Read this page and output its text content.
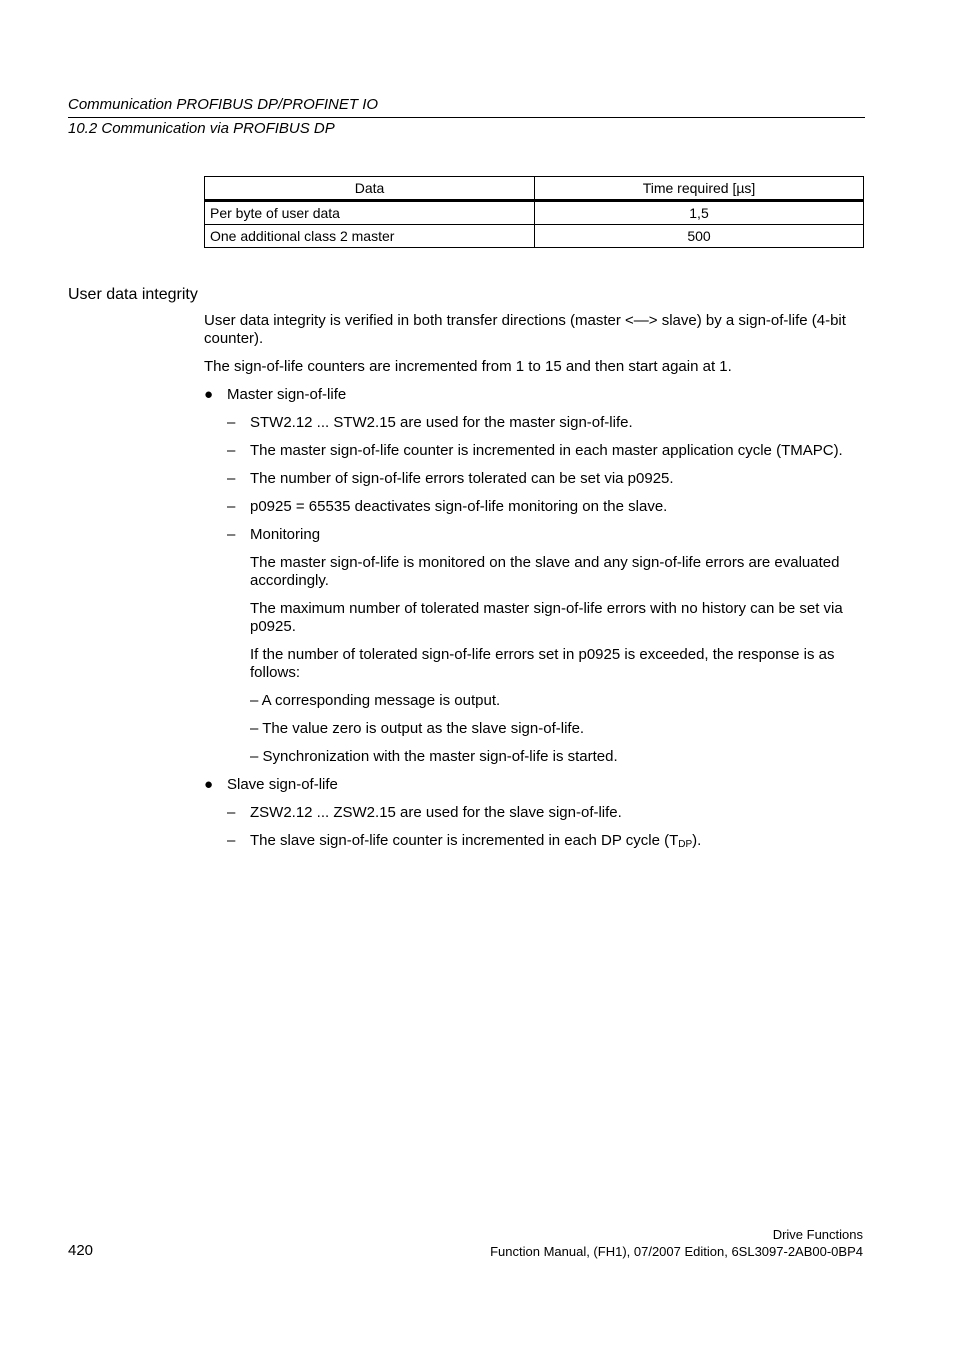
Communication PROFIBUS DP/PROFINET IO
10.2 Communication via PROFIBUS DP
Data	Time required [µs]
Per byte of user data	1,5
One additional class 2 master	500
User data integrity

User data integrity is verified in both transfer directions (master <—> slave) by a sign-of-life (4-bit counter).

The sign-of-life counters are incremented from 1 to 15 and then start again at 1.

● Master sign-of-life
– STW2.12 ... STW2.15 are used for the master sign-of-life.
– The master sign-of-life counter is incremented in each master application cycle (TMAPC).
– The number of sign-of-life errors tolerated can be set via p0925.
– p0925 = 65535 deactivates sign-of-life monitoring on the slave.
– Monitoring

The master sign-of-life is monitored on the slave and any sign-of-life errors are evaluated accordingly.

The maximum number of tolerated master sign-of-life errors with no history can be set via p0925.

If the number of tolerated sign-of-life errors set in p0925 is exceeded, the response is as follows:

– A corresponding message is output.

– The value zero is output as the slave sign-of-life.

– Synchronization with the master sign-of-life is started.

● Slave sign-of-life
– ZSW2.12 ... ZSW2.15 are used for the slave sign-of-life.
– The slave sign-of-life counter is incremented in each DP cycle $(T_{DP})$.
420
Drive Functions
Function Manual, (FH1), 07/2007 Edition, 6SL3097-2AB00-0BP4
